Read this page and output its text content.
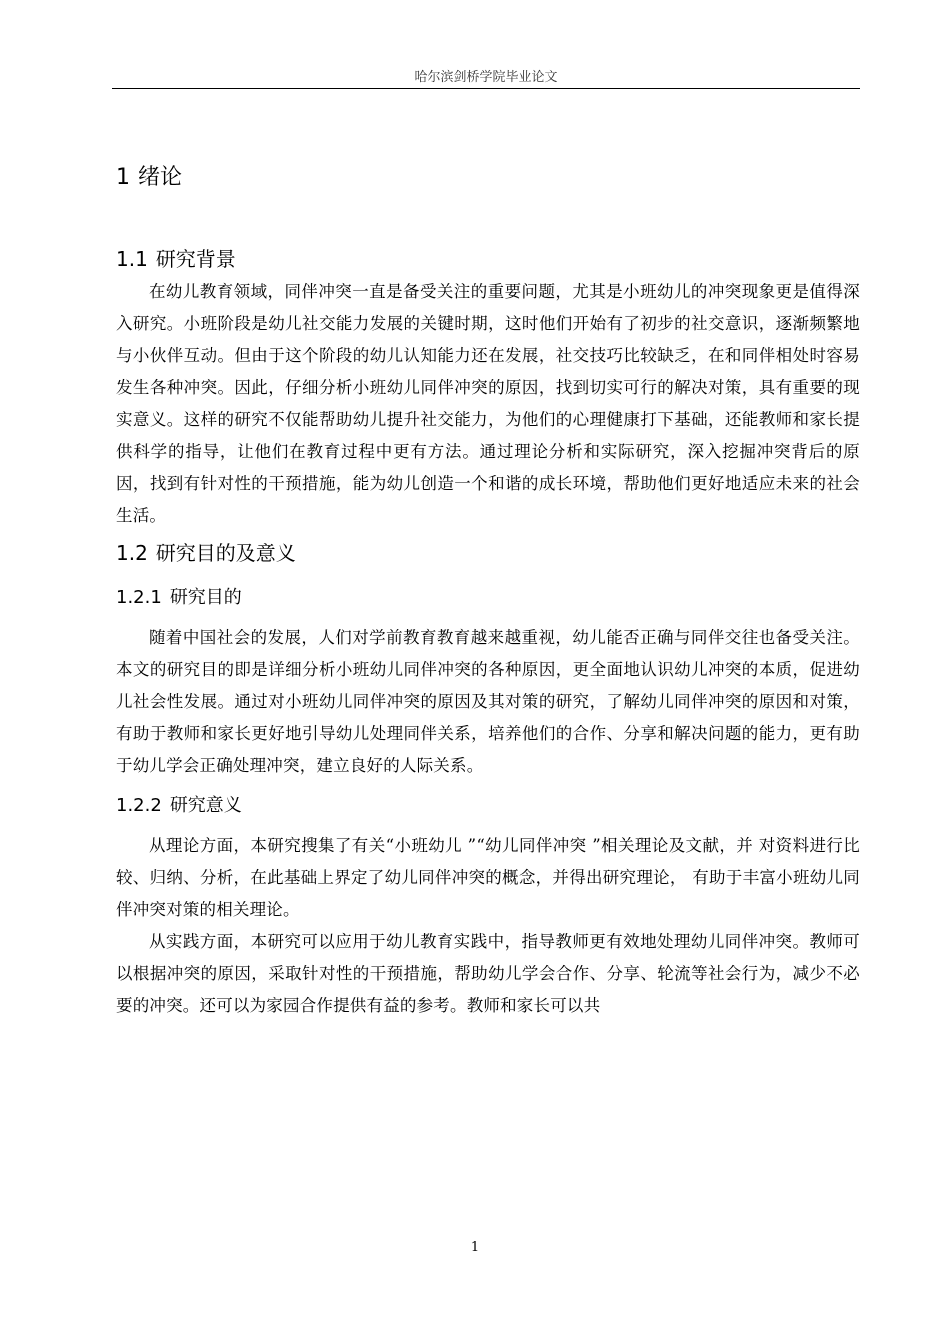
哈尔滨剑桥学院毕业论文
1 绪论
1.1 研究背景

在幼儿教育领域，同伴冲突一直是备受关注的重要问题，尤其是小班幼儿的冲突现象更是值得深入研究。小班阶段是幼儿社交能力发展的关键时期，这时他们开始有了初步的社交意识，逐渐频繁地与小伙伴互动。但由于这个阶段的幼儿认知能力还在发展，社交技巧比较缺乏，在和同伴相处时容易发生各种冲突。因此，仔细分析小班幼儿同伴冲突的原因，找到切实可行的解决对策，具有重要的现实意义。这样的研究不仅能帮助幼儿提升社交能力，为他们的心理健康打下基础，还能教师和家长提供科学的指导，让他们在教育过程中更有方法。通过理论分析和实际研究，深入挖掘冲突背后的原因，找到有针对性的干预措施，能为幼儿创造一个和谐的成长环境，帮助他们更好地适应未来的社会生活。

1.2 研究目的及意义
1.2.1 研究目的

随着中国社会的发展，人们对学前教育教育越来越重视，幼儿能否正确与同伴交往也备受关注。本文的研究目的即是详细分析小班幼儿同伴冲突的各种原因，更全面地认识幼儿冲突的本质，促进幼儿社会性发展。通过对小班幼儿同伴冲突的原因及其对策的研究，了解幼儿同伴冲突的原因和对策，有助于教师和家长更好地引导幼儿处理同伴关系，培养他们的合作、分享和解决问题的能力，更有助于幼儿学会正确处理冲突，建立良好的人际关系。

1.2.2 研究意义

从理论方面，本研究搜集了有关“小班幼儿 ”“幼儿同伴冲突 ”相关理论及文献，并 对资料进行比较、归纳、分析，在此基础上界定了幼儿同伴冲突的概念，并得出研究理论， 有助于丰富小班幼儿同伴冲突对策的相关理论。

从实践方面，本研究可以应用于幼儿教育实践中，指导教师更有效地处理幼儿同伴冲突。教师可以根据冲突的原因，采取针对性的干预措施，帮助幼儿学会合作、分享、轮流等社会行为，减少不必要的冲突。还可以为家园合作提供有益的参考。教师和家长可以共

1
